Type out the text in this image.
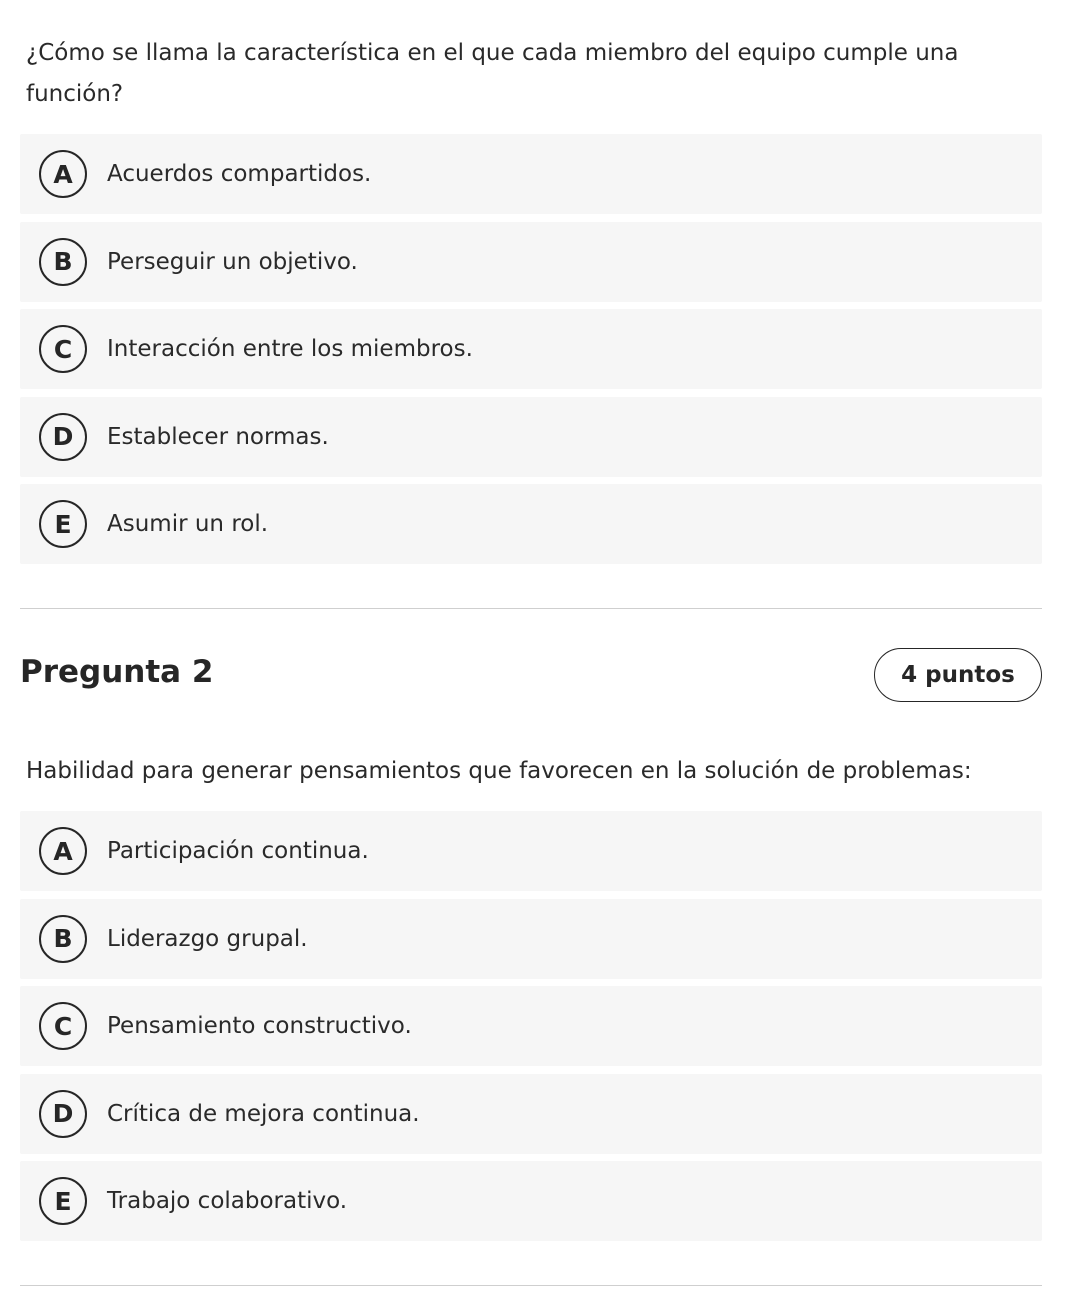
¿Cómo se llama la característica en el que cada miembro del equipo cumple una función?
A	Acuerdos compartidos.
B	Perseguir un objetivo.
C	Interacción entre los miembros.
D	Establecer normas.
E	Asumir un rol.
Pregunta 2	4 puntos
Habilidad para generar pensamientos que favorecen en la solución de problemas:
A	Participación continua.
B	Liderazgo grupal.
C	Pensamiento constructivo.
D	Crítica de mejora continua.
E	Trabajo colaborativo.
